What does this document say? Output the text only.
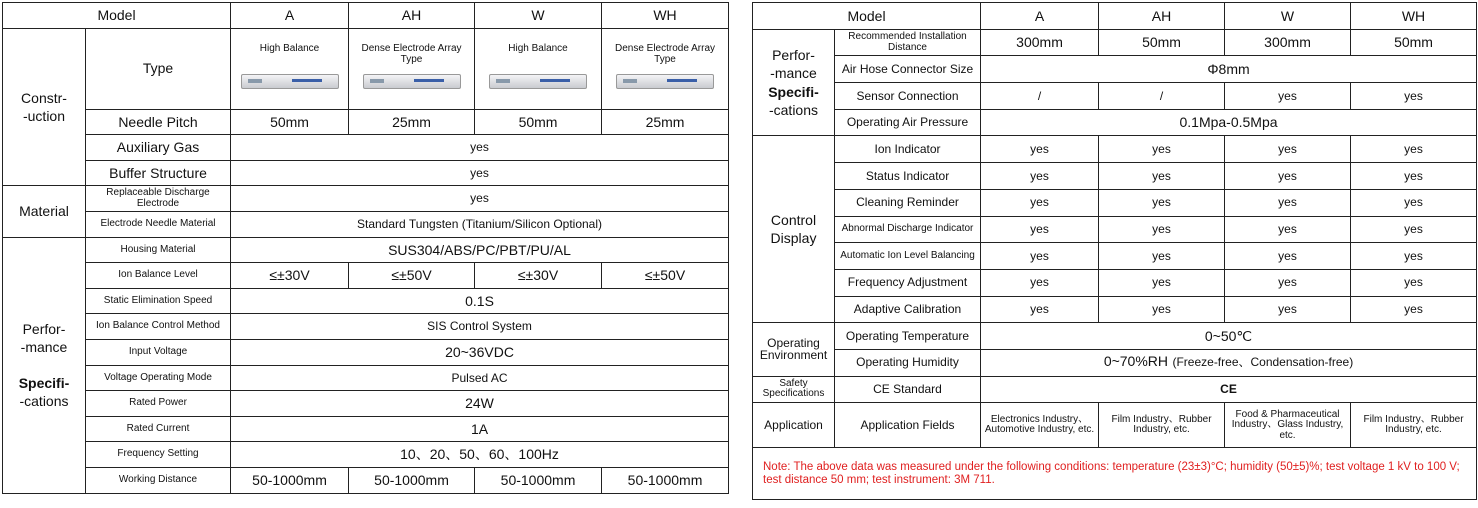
Model		A	AH	W	WH
Constr-
-uction	Type	High Balance	Dense Electrode Array Type	High Balance	Dense Electrode Array Type

	Needle Pitch	50mm	25mm	50mm	25mm
	Auxiliary Gas	yes			
	Buffer Structure	yes			
Material	Replaceable Discharge Electrode	yes			
	Electrode Needle Material	Standard Tungsten (Titanium/Silicon Optional)			
Perfor-
-mance

Specifi-
-cations	Housing Material	SUS304/ABS/PC/PBT/PU/AL			
	Ion Balance Level	≤±30V	≤±50V	≤±30V	≤±50V
	Static Elimination Speed	0.1S			
	Ion Balance Control Method	SIS Control System			
	Input Voltage	20~36VDC			
	Voltage Operating Mode	Pulsed AC			
	Rated Power	24W			
	Rated Current	1A			
	Frequency Setting	10、20、50、60、100Hz			
	Working Distance	50-1000mm	50-1000mm	50-1000mm	50-1000mm
Model		A	AH	W	WH
Perfor-
-mance
Specifi-
-cations	Recommended Installation Distance	300mm	50mm	300mm	50mm
	Air Hose Connector Size	Φ8mm			
	Sensor Connection	/	/	yes	yes
	Operating Air Pressure	0.1Mpa-0.5Mpa			
Control
Display	Ion Indicator	yes	yes	yes	yes
	Status Indicator	yes	yes	yes	yes
	Cleaning Reminder	yes	yes	yes	yes
	Abnormal Discharge Indicator	yes	yes	yes	yes
	Automatic Ion Level Balancing	yes	yes	yes	yes
	Frequency Adjustment	yes	yes	yes	yes
	Adaptive Calibration	yes	yes	yes	yes
Operating Environment	Operating Temperature	0~50℃			
	Operating Humidity	0~70%RH (Freeze-free、Condensation-free)			
Safety Specifications	CE Standard	CE			
Application	Application Fields	Electronics Industry、Automotive Industry, etc.	Film Industry、Rubber Industry, etc.	Food & Pharmaceutical Industry、Glass Industry, etc.	Film Industry、Rubber Industry, etc.
Note: The above data was measured under the following conditions: temperature (23±3)°C; humidity (50±5)%; test voltage 1 kV to 100 V; test distance 50 mm; test instrument: 3M 711.					
